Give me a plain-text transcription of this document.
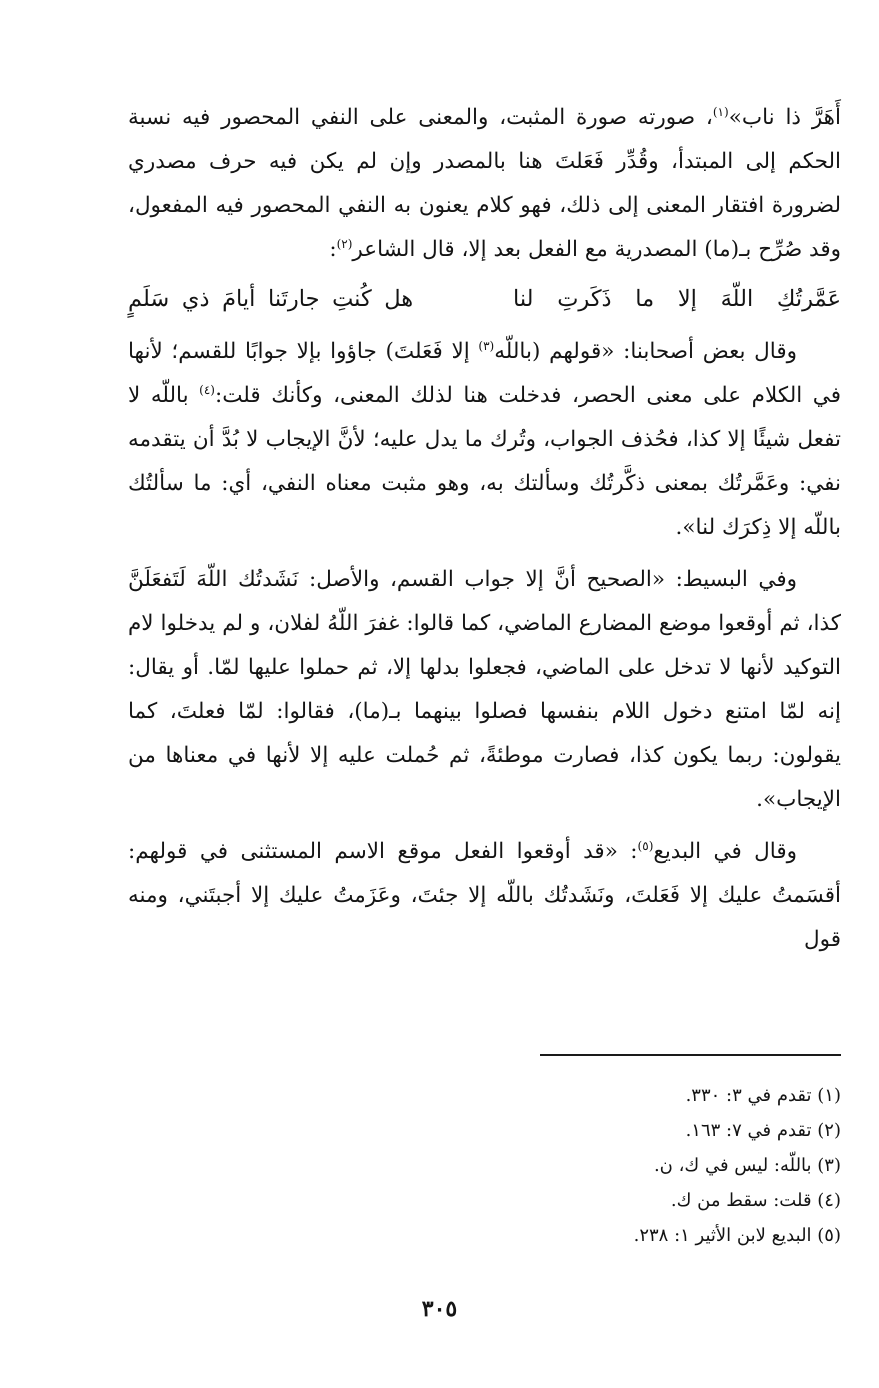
أَهَرَّ ذا ناب»$^{(١)}$، صورته صورة المثبت، والمعنى على النفي المحصور فيه نسبة الحكم إلى المبتدأ، وقُدِّر فَعَلتَ هنا بالمصدر وإن لم يكن فيه حرف مصدري لضرورة افتقار المعنى إلى ذلك، فهو كلام يعنون به النفي المحصور فيه المفعول، وقد صُرِّح بـ(ما) المصدرية مع الفعل بعد إلا، قال الشاعر$^{(٢)}$:

عَمَّرتُكِ اللّهَ إلا ما ذَكَرتِ لنا
هل كُنتِ جارتَنا أيامَ ذي سَلَمٍ

وقال بعض أصحابنا: «قولهم (باللّه$^{(٣)}$ إلا فَعَلتَ) جاؤوا بإلا جوابًا للقسم؛ لأنها في الكلام على معنى الحصر، فدخلت هنا لذلك المعنى، وكأنك قلت:$^{(٤)}$ باللّه لا تفعل شيئًا إلا كذا، فحُذف الجواب، وتُرك ما يدل عليه؛ لأنَّ الإيجاب لا بُدَّ أن يتقدمه نفي: وعَمَّرتُك بمعنى ذكَّرتُك وسألتك به، وهو مثبت معناه النفي، أي: ما سألتُك باللّه إلا ذِكرَك لنا».

وفي البسيط: «الصحيح أنَّ إلا جواب القسم، والأصل: نَشَدتُك اللّهَ لَتَفعَلَنَّ كذا، ثم أوقعوا موضع المضارع الماضي، كما قالوا: غفرَ اللّهُ لفلان، و لم يدخلوا لام التوكيد لأنها لا تدخل على الماضي، فجعلوا بدلها إلا، ثم حملوا عليها لمّا. أو يقال: إنه لمّا امتنع دخول اللام بنفسها فصلوا بينهما بـ(ما)، فقالوا: لمّا فعلتَ، كما يقولون: ربما يكون كذا، فصارت موطئةً، ثم حُملت عليه إلا لأنها في معناها من الإيجاب».

وقال في البديع$^{(٥)}$: «قد أوقعوا الفعل موقع الاسم المستثنى في قولهم: أقسَمتُ عليك إلا فَعَلتَ، ونَشَدتُك باللّه إلا جئتَ، وعَزَمتُ عليك إلا أجبتَني، ومنه قول

(١) تقدم في ٣: ٣٣٠.

(٢) تقدم في ٧: ١٦٣.

(٣) باللّه: ليس في ك، ن.

(٤) قلت: سقط من ك.

(٥) البديع لابن الأثير ١: ٢٣٨.

٣٠٥
